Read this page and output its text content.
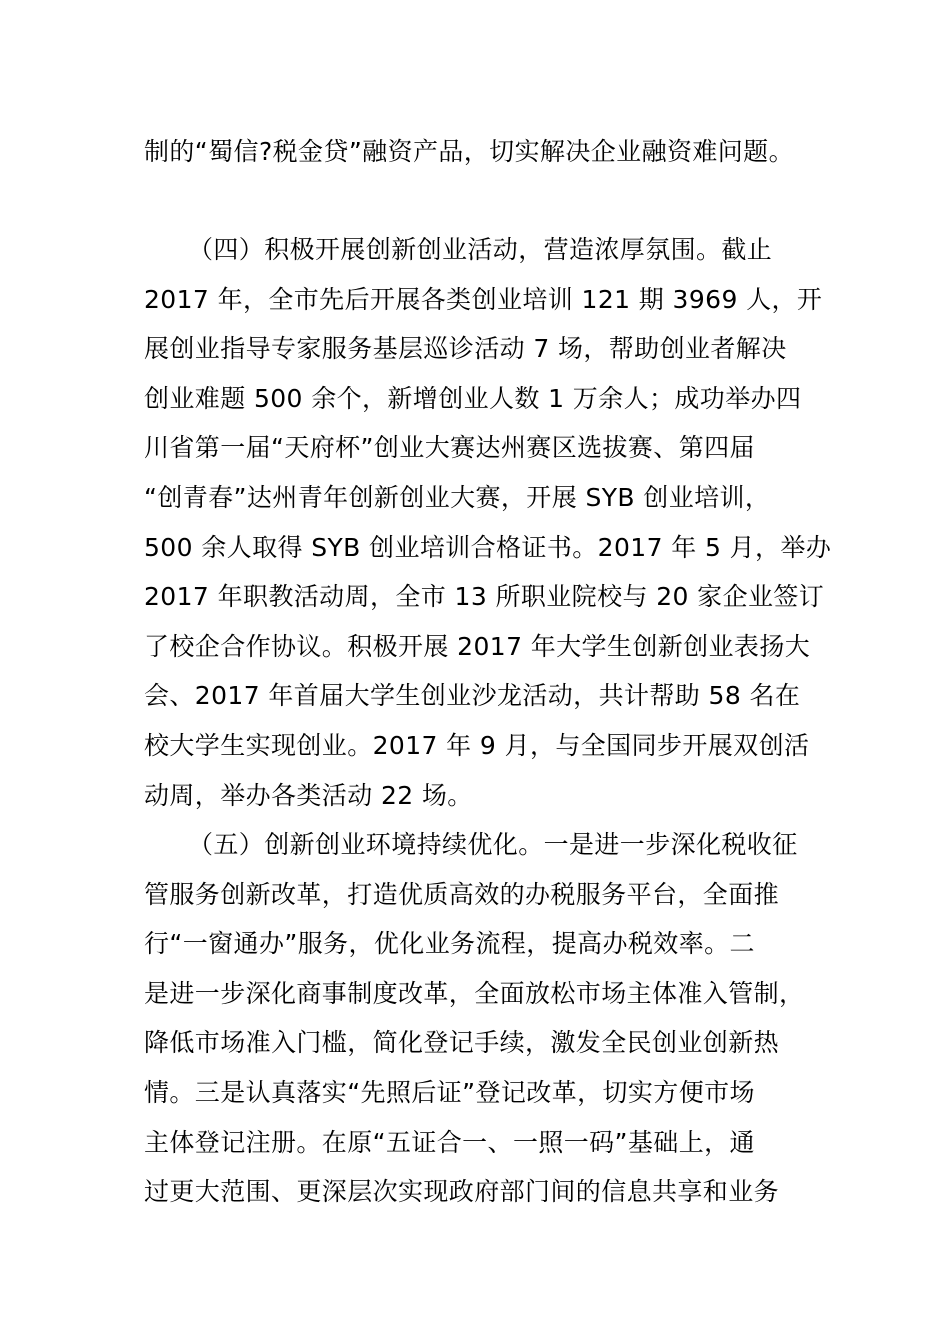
制的“蜀信?税金贷”融资产品，切实解决企业融资难问题。
（四）积极开展创新创业活动，营造浓厚氛围。截止
2017 年，全市先后开展各类创业培训 121 期 3969 人，开
展创业指导专家服务基层巡诊活动 7 场，帮助创业者解决
创业难题 500 余个，新增创业人数 1 万余人；成功举办四
川省第一届“天府杯”创业大赛达州赛区选拔赛、第四届
“创青春”达州青年创新创业大赛，开展 SYB 创业培训，
500 余人取得 SYB 创业培训合格证书。2017 年 5 月，举办
2017 年职教活动周，全市 13 所职业院校与 20 家企业签订
了校企合作协议。积极开展 2017 年大学生创新创业表扬大
会、2017 年首届大学生创业沙龙活动，共计帮助 58 名在
校大学生实现创业。2017 年 9 月，与全国同步开展双创活
动周，举办各类活动 22 场。
（五）创新创业环境持续优化。一是进一步深化税收征
管服务创新改革，打造优质高效的办税服务平台，全面推
行“一窗通办”服务，优化业务流程，提高办税效率。二
是进一步深化商事制度改革，全面放松市场主体准入管制，
降低市场准入门槛，简化登记手续，激发全民创业创新热
情。三是认真落实“先照后证”登记改革，切实方便市场
主体登记注册。在原“五证合一、一照一码”基础上，通
过更大范围、更深层次实现政府部门间的信息共享和业务
